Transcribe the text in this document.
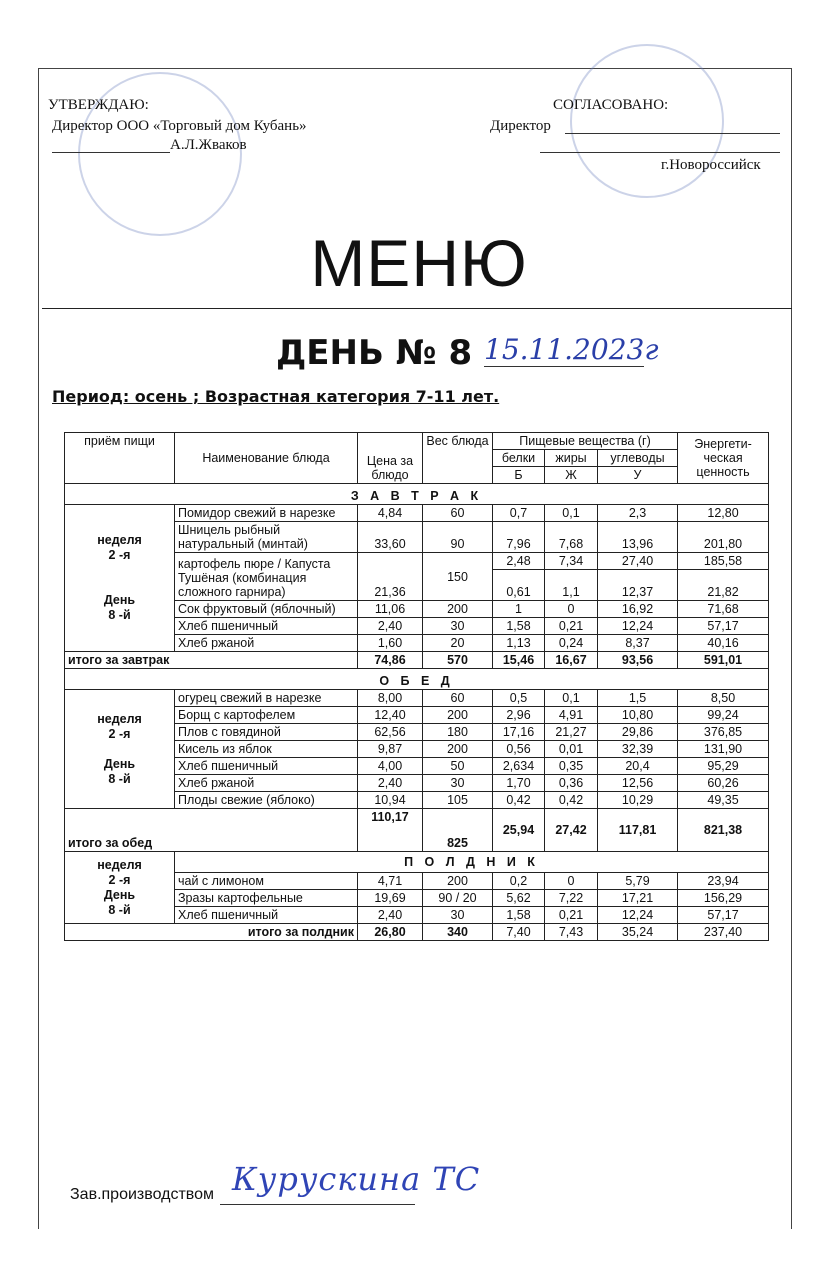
УТВЕРЖДАЮ:
Директор ООО «Торговый дом Кубань»
А.Л.Жваков
СОГЛАСОВАНО:
Директор
г.Новороссийск
МЕНЮ
ДЕНЬ № 8 15.11.2023г
Период: осень ; Возрастная категория 7-11 лет.
приём пищи	Наименование блюда	Цена за блюдо	Вес блюда	Пищевые вещества (г)			Энергети-ческая ценность
				белки	жиры	углеводы	
				Б	Ж	У	
З А В Т Р А К							
неделя
2 -я

День
8 -й	Помидор свежий в нарезке	4,84	60	0,7	0,1	2,3	12,80
	Шницель рыбный натуральный (минтай)	33,60	90	7,96	7,68	13,96	201,80
	картофель пюре / Капуста Тушёная (комбинация сложного гарнира)	21,36	150	2,48	7,34	27,40	185,58
				0,61	1,1	12,37	21,82
	Сок фруктовый (яблочный)	11,06	200	1	0	16,92	71,68
	Хлеб пшеничный	2,40	30	1,58	0,21	12,24	57,17
	Хлеб ржаной	1,60	20	1,13	0,24	8,37	40,16
итого за завтрак		74,86	570	15,46	16,67	93,56	591,01
О Б Е Д							
неделя
2 -я

День
8 -й	огурец свежий в нарезке	8,00	60	0,5	0,1	1,5	8,50
	Борщ с картофелем	12,40	200	2,96	4,91	10,80	99,24
	Плов с говядиной	62,56	180	17,16	21,27	29,86	376,85
	Кисель из яблок	9,87	200	0,56	0,01	32,39	131,90
	Хлеб пшеничный	4,00	50	2,634	0,35	20,4	95,29
	Хлеб ржаной	2,40	30	1,70	0,36	12,56	60,26
	Плоды свежие (яблоко)	10,94	105	0,42	0,42	10,29	49,35
итого за обед		110,17	825	25,94	27,42	117,81	821,38
неделя
2 -я
День
8 -й	П О Л Д Н И К						
	чай с лимоном	4,71	200	0,2	0	5,79	23,94
	Зразы картофельные	19,69	90 / 20	5,62	7,22	17,21	156,29
	Хлеб пшеничный	2,40	30	1,58	0,21	12,24	57,17
итого за полдник		26,80	340	7,40	7,43	35,24	237,40
Зав.производством Курускина ТС
